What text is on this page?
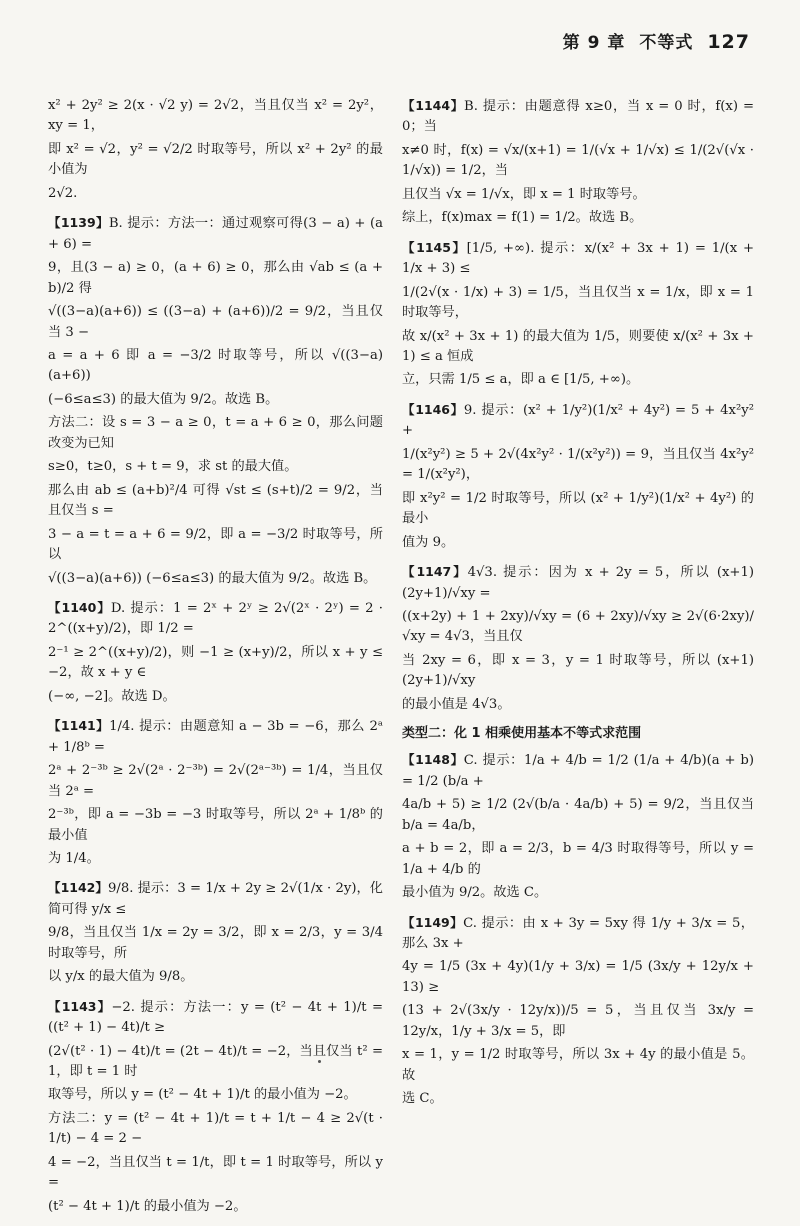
第 9 章 不等式 127

x² + 2y² ≥ 2(x · √2 y) = 2√2，当且仅当 x² = 2y²，xy = 1，

即 x² = √2，y² = √2/2 时取等号，所以 x² + 2y² 的最小值为

2√2.

【1139】B. 提示：方法一：通过观察可得(3 − a) + (a + 6) =

9，且(3 − a) ≥ 0，(a + 6) ≥ 0，那么由 √ab ≤ (a + b)/2 得

√((3−a)(a+6)) ≤ ((3−a) + (a+6))/2 = 9/2，当且仅当 3 −

a = a + 6 即 a = −3/2 时取等号，所以 √((3−a)(a+6))

(−6≤a≤3) 的最大值为 9/2。故选 B。

方法二：设 s = 3 − a ≥ 0，t = a + 6 ≥ 0，那么问题改变为已知

s≥0，t≥0，s + t = 9，求 st 的最大值。

那么由 ab ≤ (a+b)²/4 可得 √st ≤ (s+t)/2 = 9/2，当且仅当 s =

3 − a = t = a + 6 = 9/2，即 a = −3/2 时取等号，所以

√((3−a)(a+6)) (−6≤a≤3) 的最大值为 9/2。故选 B。

【1140】D. 提示：1 = 2ˣ + 2ʸ ≥ 2√(2ˣ · 2ʸ) = 2 · 2^((x+y)/2)，即 1/2 =

2⁻¹ ≥ 2^((x+y)/2)，则 −1 ≥ (x+y)/2，所以 x + y ≤ −2，故 x + y ∈

(−∞, −2]。故选 D。

【1141】1/4. 提示：由题意知 a − 3b = −6，那么 2ᵃ + 1/8ᵇ =

2ᵃ + 2⁻³ᵇ ≥ 2√(2ᵃ · 2⁻³ᵇ) = 2√(2ᵃ⁻³ᵇ) = 1/4，当且仅当 2ᵃ =

2⁻³ᵇ，即 a = −3b = −3 时取等号，所以 2ᵃ + 1/8ᵇ 的最小值

为 1/4。

【1142】9/8. 提示：3 = 1/x + 2y ≥ 2√(1/x · 2y)，化简可得 y/x ≤

9/8，当且仅当 1/x = 2y = 3/2，即 x = 2/3，y = 3/4 时取等号，所

以 y/x 的最大值为 9/8。

【1143】−2. 提示：方法一：y = (t² − 4t + 1)/t = ((t² + 1) − 4t)/t ≥

(2√(t² · 1) − 4t)/t = (2t − 4t)/t = −2，当且仅当 t² = 1，即 t = 1 时

取等号，所以 y = (t² − 4t + 1)/t 的最小值为 −2。

方法二：y = (t² − 4t + 1)/t = t + 1/t − 4 ≥ 2√(t · 1/t) − 4 = 2 −

4 = −2，当且仅当 t = 1/t，即 t = 1 时取等号，所以 y =

(t² − 4t + 1)/t 的最小值为 −2。

【1144】B. 提示：由题意得 x≥0，当 x = 0 时，f(x) = 0；当

x≠0 时，f(x) = √x/(x+1) = 1/(√x + 1/√x) ≤ 1/(2√(√x · 1/√x)) = 1/2，当

且仅当 √x = 1/√x，即 x = 1 时取等号。

综上，f(x)max = f(1) = 1/2。故选 B。

【1145】[1/5, +∞). 提示：x/(x² + 3x + 1) = 1/(x + 1/x + 3) ≤

1/(2√(x · 1/x) + 3) = 1/5，当且仅当 x = 1/x，即 x = 1 时取等号，

故 x/(x² + 3x + 1) 的最大值为 1/5，则要使 x/(x² + 3x + 1) ≤ a 恒成

立，只需 1/5 ≤ a，即 a ∈ [1/5, +∞)。

【1146】9. 提示：(x² + 1/y²)(1/x² + 4y²) = 5 + 4x²y² +

1/(x²y²) ≥ 5 + 2√(4x²y² · 1/(x²y²)) = 9，当且仅当 4x²y² = 1/(x²y²)，

即 x²y² = 1/2 时取等号，所以 (x² + 1/y²)(1/x² + 4y²) 的最小

值为 9。

【1147】4√3. 提示：因为 x + 2y = 5，所以 (x+1)(2y+1)/√xy =

((x+2y) + 1 + 2xy)/√xy = (6 + 2xy)/√xy ≥ 2√(6·2xy)/√xy = 4√3，当且仅

当 2xy = 6，即 x = 3，y = 1 时取等号，所以 (x+1)(2y+1)/√xy

的最小值是 4√3。

类型二：化 1 相乘使用基本不等式求范围

【1148】C. 提示：1/a + 4/b = 1/2 (1/a + 4/b)(a + b) = 1/2 (b/a +

4a/b + 5) ≥ 1/2 (2√(b/a · 4a/b) + 5) = 9/2，当且仅当 b/a = 4a/b，

a + b = 2，即 a = 2/3，b = 4/3 时取得等号，所以 y = 1/a + 4/b 的

最小值为 9/2。故选 C。

【1149】C. 提示：由 x + 3y = 5xy 得 1/y + 3/x = 5，那么 3x +

4y = 1/5 (3x + 4y)(1/y + 3/x) = 1/5 (3x/y + 12y/x + 13) ≥

(13 + 2√(3x/y · 12y/x))/5 = 5，当且仅当 3x/y = 12y/x，1/y + 3/x = 5，即

x = 1，y = 1/2 时取等号，所以 3x + 4y 的最小值是 5。故

选 C。
